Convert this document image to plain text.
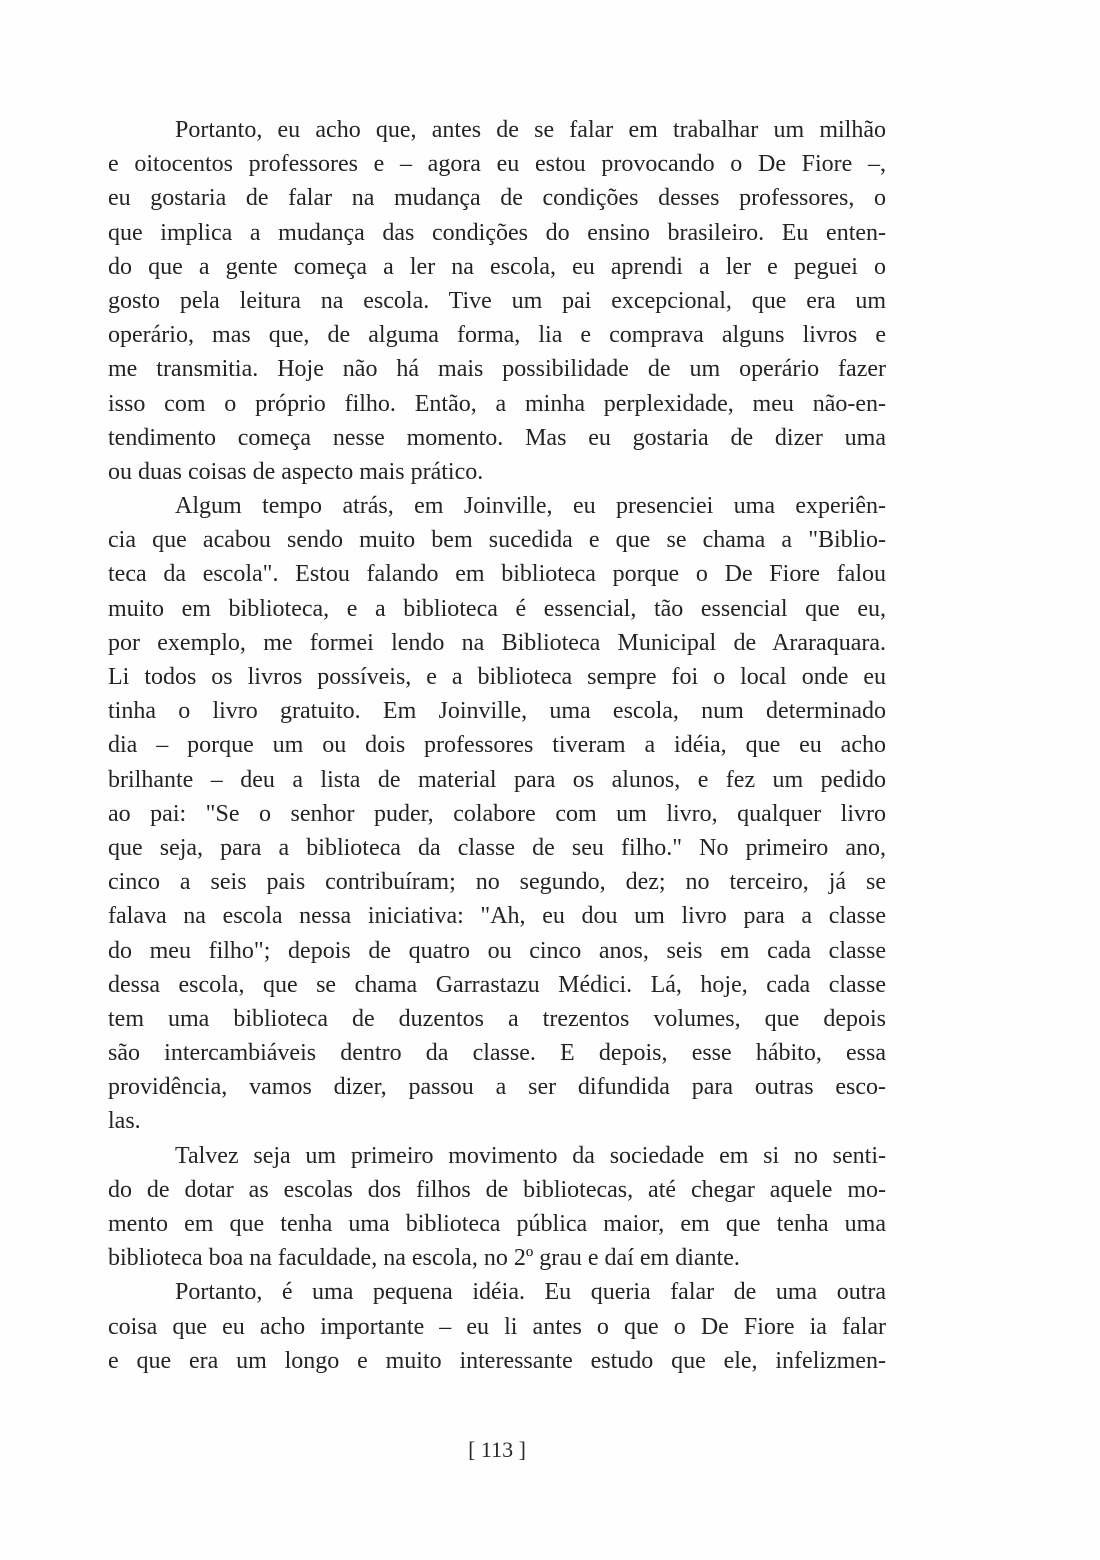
Portanto, eu acho que, antes de se falar em trabalhar um milhão
e oitocentos professores e – agora eu estou provocando o De Fiore –,
eu gostaria de falar na mudança de condições desses professores, o
que implica a mudança das condições do ensino brasileiro. Eu enten-
do que a gente começa a ler na escola, eu aprendi a ler e peguei o
gosto pela leitura na escola. Tive um pai excepcional, que era um
operário, mas que, de alguma forma, lia e comprava alguns livros e
me transmitia. Hoje não há mais possibilidade de um operário fazer
isso com o próprio filho. Então, a minha perplexidade, meu não-en-
tendimento começa nesse momento. Mas eu gostaria de dizer uma
ou duas coisas de aspecto mais prático.
Algum tempo atrás, em Joinville, eu presenciei uma experiên-
cia que acabou sendo muito bem sucedida e que se chama a "Biblio-
teca da escola". Estou falando em biblioteca porque o De Fiore falou
muito em biblioteca, e a biblioteca é essencial, tão essencial que eu,
por exemplo, me formei lendo na Biblioteca Municipal de Araraquara.
Li todos os livros possíveis, e a biblioteca sempre foi o local onde eu
tinha o livro gratuito. Em Joinville, uma escola, num determinado
dia – porque um ou dois professores tiveram a idéia, que eu acho
brilhante – deu a lista de material para os alunos, e fez um pedido
ao pai: "Se o senhor puder, colabore com um livro, qualquer livro
que seja, para a biblioteca da classe de seu filho." No primeiro ano,
cinco a seis pais contribuíram; no segundo, dez; no terceiro, já se
falava na escola nessa iniciativa: "Ah, eu dou um livro para a classe
do meu filho"; depois de quatro ou cinco anos, seis em cada classe
dessa escola, que se chama Garrastazu Médici. Lá, hoje, cada classe
tem uma biblioteca de duzentos a trezentos volumes, que depois
são intercambiáveis dentro da classe. E depois, esse hábito, essa
providência, vamos dizer, passou a ser difundida para outras esco-
las.
Talvez seja um primeiro movimento da sociedade em si no senti-
do de dotar as escolas dos filhos de bibliotecas, até chegar aquele mo-
mento em que tenha uma biblioteca pública maior, em que tenha uma
biblioteca boa na faculdade, na escola, no 2º grau e daí em diante.
Portanto, é uma pequena idéia. Eu queria falar de uma outra
coisa que eu acho importante – eu li antes o que o De Fiore ia falar
e que era um longo e muito interessante estudo que ele, infelizmen-
[ 113 ]
